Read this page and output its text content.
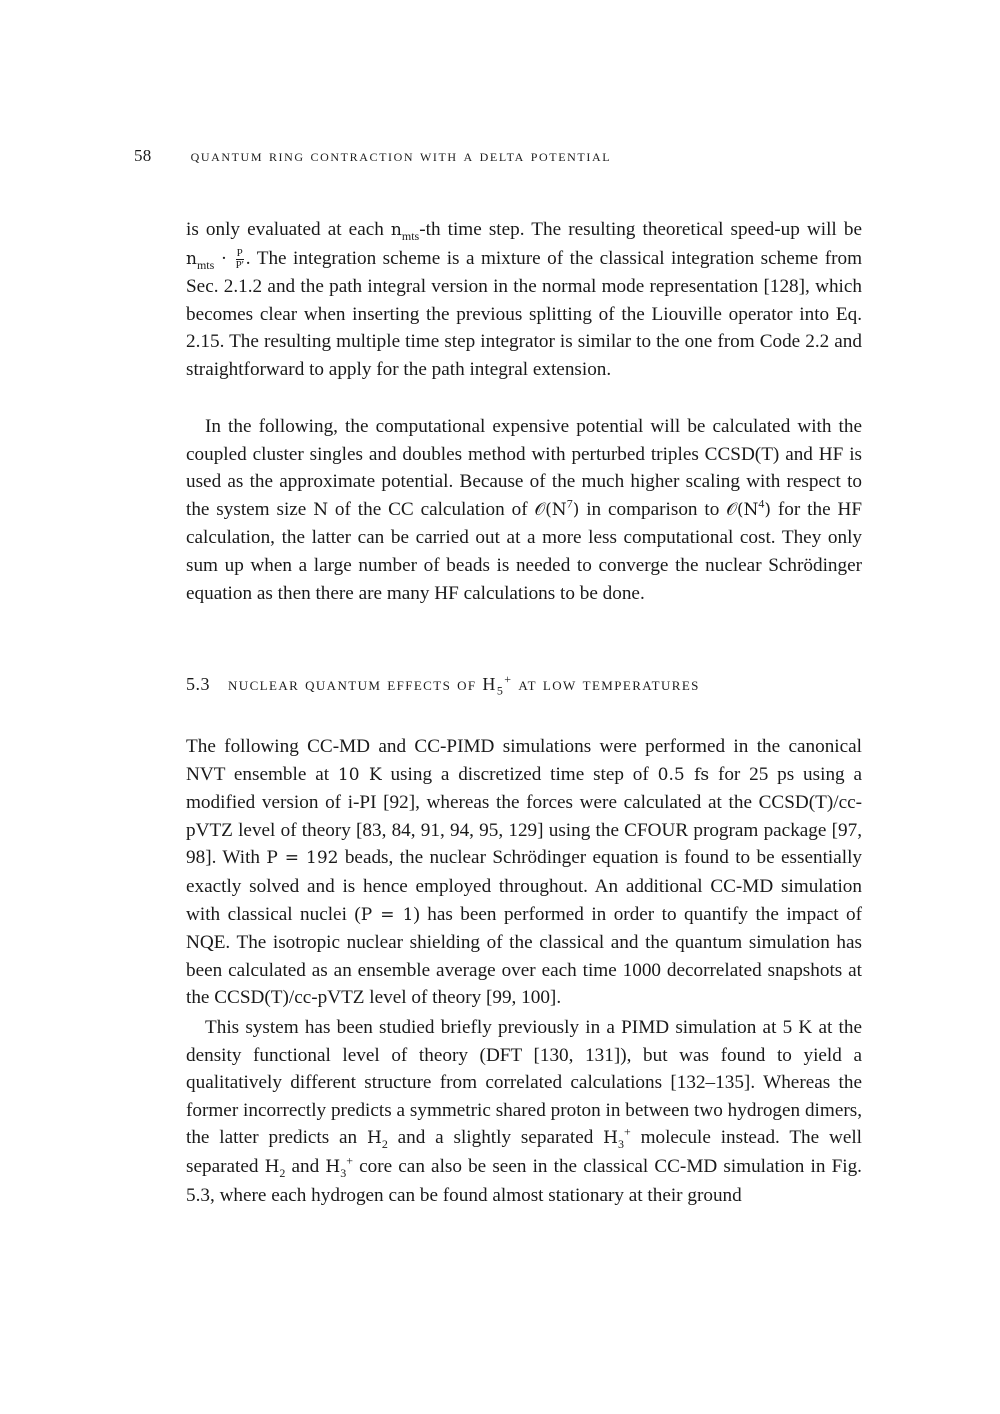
58 quantum ring contraction with a delta potential

is only evaluated at each $n_{mts}-th$ time step. The resulting theoretical speed-up will be $n_{mts} \cdot \frac{P}{P'}$ . The integration scheme is a mixture of the classical integration scheme from Sec. 2.1.2 and the path integral version in the normal mode representation [128], which becomes clear when inserting the previous splitting of the Liouville operator into Eq. 2.15. The resulting multiple time step integrator is similar to the one from Code 2.2 and straightforward to apply for the path integral extension.

In the following, the computational expensive potential will be calculated with the coupled cluster singles and doubles method with perturbed triples CCSD(T) and HF is used as the approximate potential. Because of the much higher scaling with respect to the system size N of the CC calculation of $𝒪(N^7)$ in comparison to $𝒪(N^4)$ for the HF calculation, the latter can be carried out at a more less computational cost. They only sum up when a large number of beads is needed to converge the nuclear Schrödinger equation as then there are many HF calculations to be done.

5.3 nuclear quantum effects of $H_5^+$ at low temperatures

The following CC-MD and CC-PIMD simulations were performed in the canonical NVT ensemble at 10 K using a discretized time step of 0.5 fs for 25 ps using a modified version of i-PI [92], whereas the forces were calculated at the CCSD(T)/cc-pVTZ level of theory [83, 84, 91, 94, 95, 129] using the CFOUR program package [97, 98]. With P = 192 beads, the nuclear Schrödinger equation is found to be essentially exactly solved and is hence employed throughout. An additional CC-MD simulation with classical nuclei (P = 1) has been performed in order to quantify the impact of NQE. The isotropic nuclear shielding of the classical and the quantum simulation has been calculated as an ensemble average over each time 1000 decorrelated snapshots at the CCSD(T)/cc-pVTZ level of theory [99, 100].

This system has been studied briefly previously in a PIMD simulation at 5 K at the density functional level of theory (DFT [130, 131]), but was found to yield a qualitatively different structure from correlated calculations [132–135]. Whereas the former incorrectly predicts a symmetric shared proton in between two hydrogen dimers, the latter predicts an $H_2$ and a slightly separated $H_3^+$ molecule instead. The well separated $H_2$ and $H_3^+$ core can also be seen in the classical CC-MD simulation in Fig. 5.3, where each hydrogen can be found almost stationary at their ground
